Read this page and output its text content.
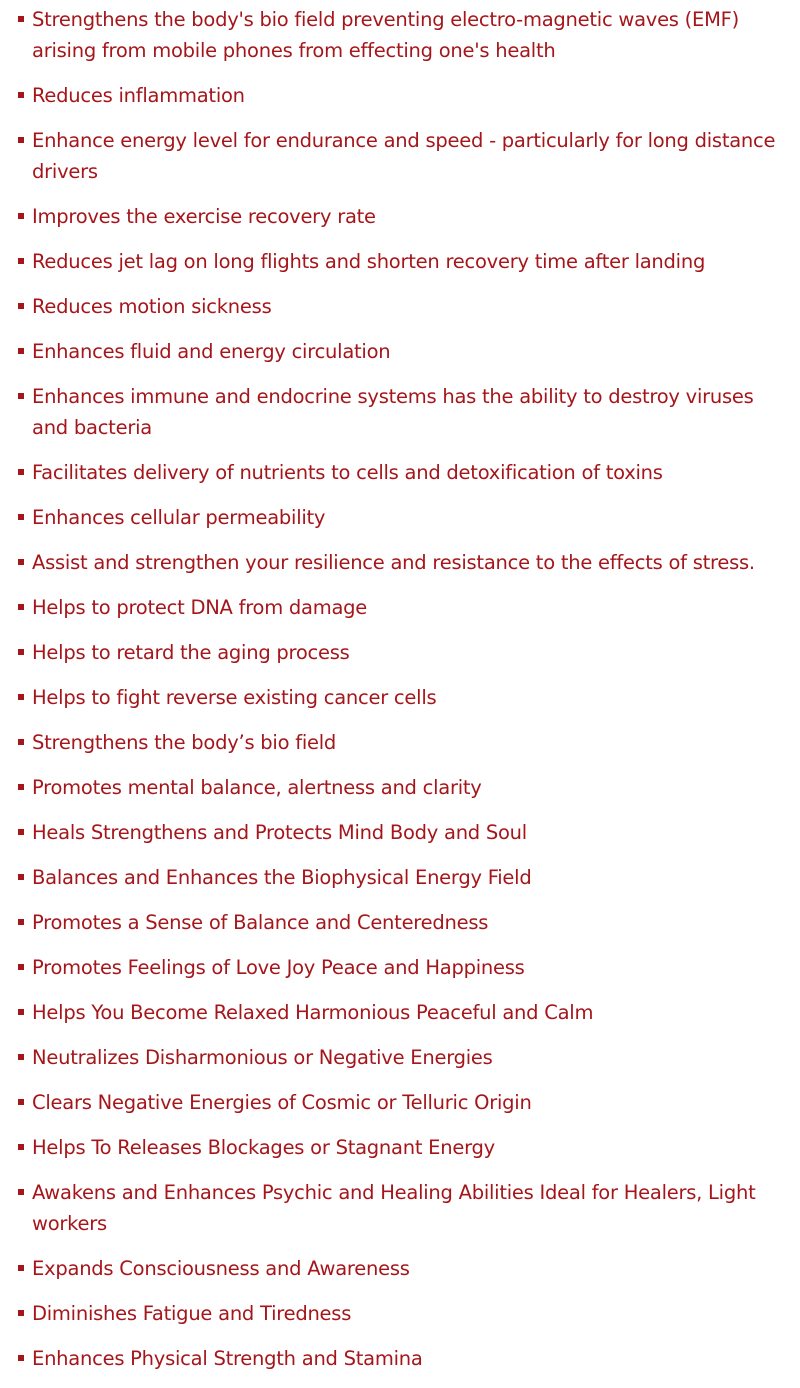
Strengthens the body's bio field preventing electro-magnetic waves (EMF) arising from mobile phones from effecting one's health
Reduces inflammation
Enhance energy level for endurance and speed - particularly for long distance drivers
Improves the exercise recovery rate
Reduces jet lag on long flights and shorten recovery time after landing
Reduces motion sickness
Enhances fluid and energy circulation
Enhances immune and endocrine systems has the ability to destroy viruses and bacteria
Facilitates delivery of nutrients to cells and detoxification of toxins
Enhances cellular permeability
Assist and strengthen your resilience and resistance to the effects of stress.
Helps to protect DNA from damage
Helps to retard the aging process
Helps to fight reverse existing cancer cells
Strengthens the body’s bio field
Promotes mental balance, alertness and clarity
Heals Strengthens and Protects Mind Body and Soul
Balances and Enhances the Biophysical Energy Field
Promotes a Sense of Balance and Centeredness
Promotes Feelings of Love Joy Peace and Happiness
Helps You Become Relaxed Harmonious Peaceful and Calm
Neutralizes Disharmonious or Negative Energies
Clears Negative Energies of Cosmic or Telluric Origin
Helps To Releases Blockages or Stagnant Energy
Awakens and Enhances Psychic and Healing Abilities Ideal for Healers, Light workers
Expands Consciousness and Awareness
Diminishes Fatigue and Tiredness
Enhances Physical Strength and Stamina
